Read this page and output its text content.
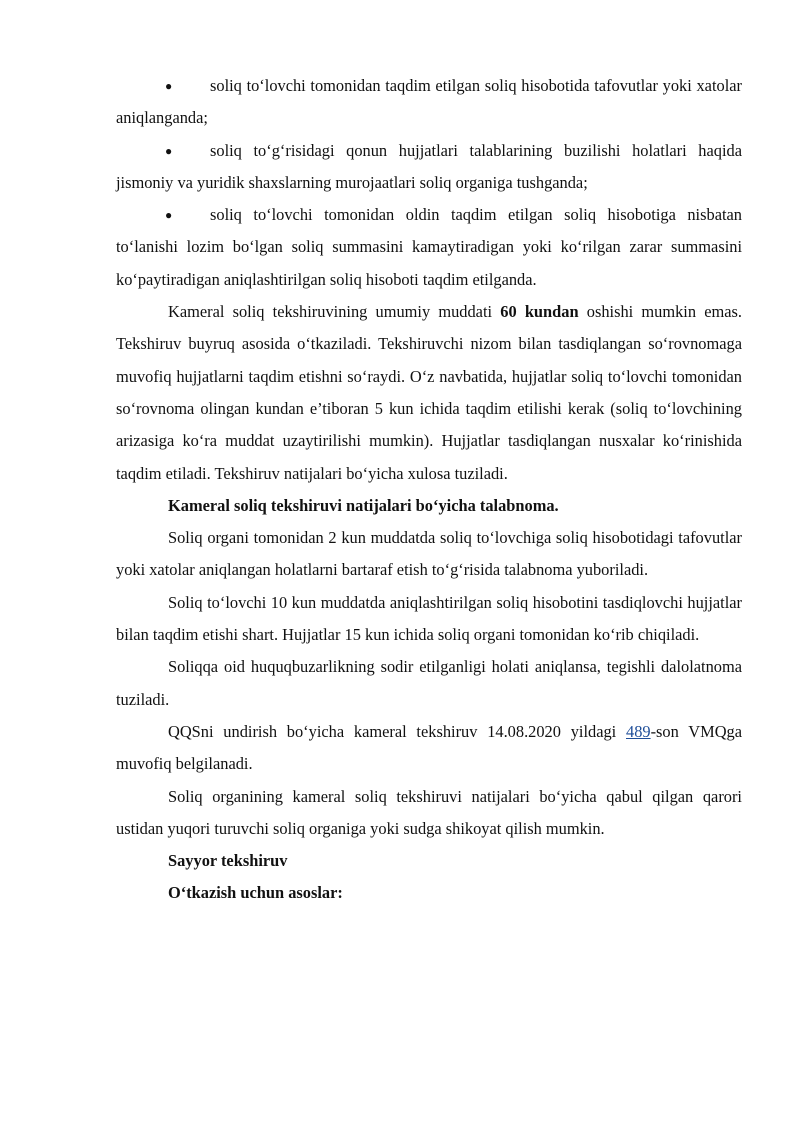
● soliq to‘lovchi tomonidan taqdim etilgan soliq hisobotida tafovutlar yoki xatolar aniqlanganda;

● soliq to‘g‘risidagi qonun hujjatlari talablarining buzilishi holatlari haqida jismoniy va yuridik shaxslarning murojaatlari soliq organiga tushganda;

● soliq to‘lovchi tomonidan oldin taqdim etilgan soliq hisobotiga nisbatan to‘lanishi lozim bo‘lgan soliq summasini kamaytiradigan yoki ko‘rilgan zarar summasini ko‘paytiradigan aniqlashtirilgan soliq hisoboti taqdim etilganda.

Kameral soliq tekshiruvining umumiy muddati 60 kundan oshishi mumkin emas. Tekshiruv buyruq asosida o‘tkaziladi. Tekshiruvchi nizom bilan tasdiqlangan so‘rovnomaga muvofiq hujjatlarni taqdim etishni so‘raydi. O‘z navbatida, hujjatlar soliq to‘lovchi tomonidan so‘rovnoma olingan kundan e’tiboran 5 kun ichida taqdim etilishi kerak (soliq to‘lovchining arizasiga ko‘ra muddat uzaytirilishi mumkin). Hujjatlar tasdiqlangan nusxalar ko‘rinishida taqdim etiladi. Tekshiruv natijalari bo‘yicha xulosa tuziladi.

Kameral soliq tekshiruvi natijalari bo‘yicha talabnoma.

Soliq organi tomonidan 2 kun muddatda soliq to‘lovchiga soliq hisobotidagi tafovutlar yoki xatolar aniqlangan holatlarni bartaraf etish to‘g‘risida talabnoma yuboriladi.

Soliq to‘lovchi 10 kun muddatda aniqlashtirilgan soliq hisobotini tasdiqlovchi hujjatlar bilan taqdim etishi shart. Hujjatlar 15 kun ichida soliq organi tomonidan ko‘rib chiqiladi.

Soliqqa oid huquqbuzarlikning sodir etilganligi holati aniqlansa, tegishli dalolatnoma tuziladi.

QQSni undirish bo‘yicha kameral tekshiruv 14.08.2020 yildagi 489-son VMQga muvofiq belgilanadi.

Soliq organining kameral soliq tekshiruvi natijalari bo‘yicha qabul qilgan qarori ustidan yuqori turuvchi soliq organiga yoki sudga shikoyat qilish mumkin.

Sayyor tekshiruv

O‘tkazish uchun asoslar:
